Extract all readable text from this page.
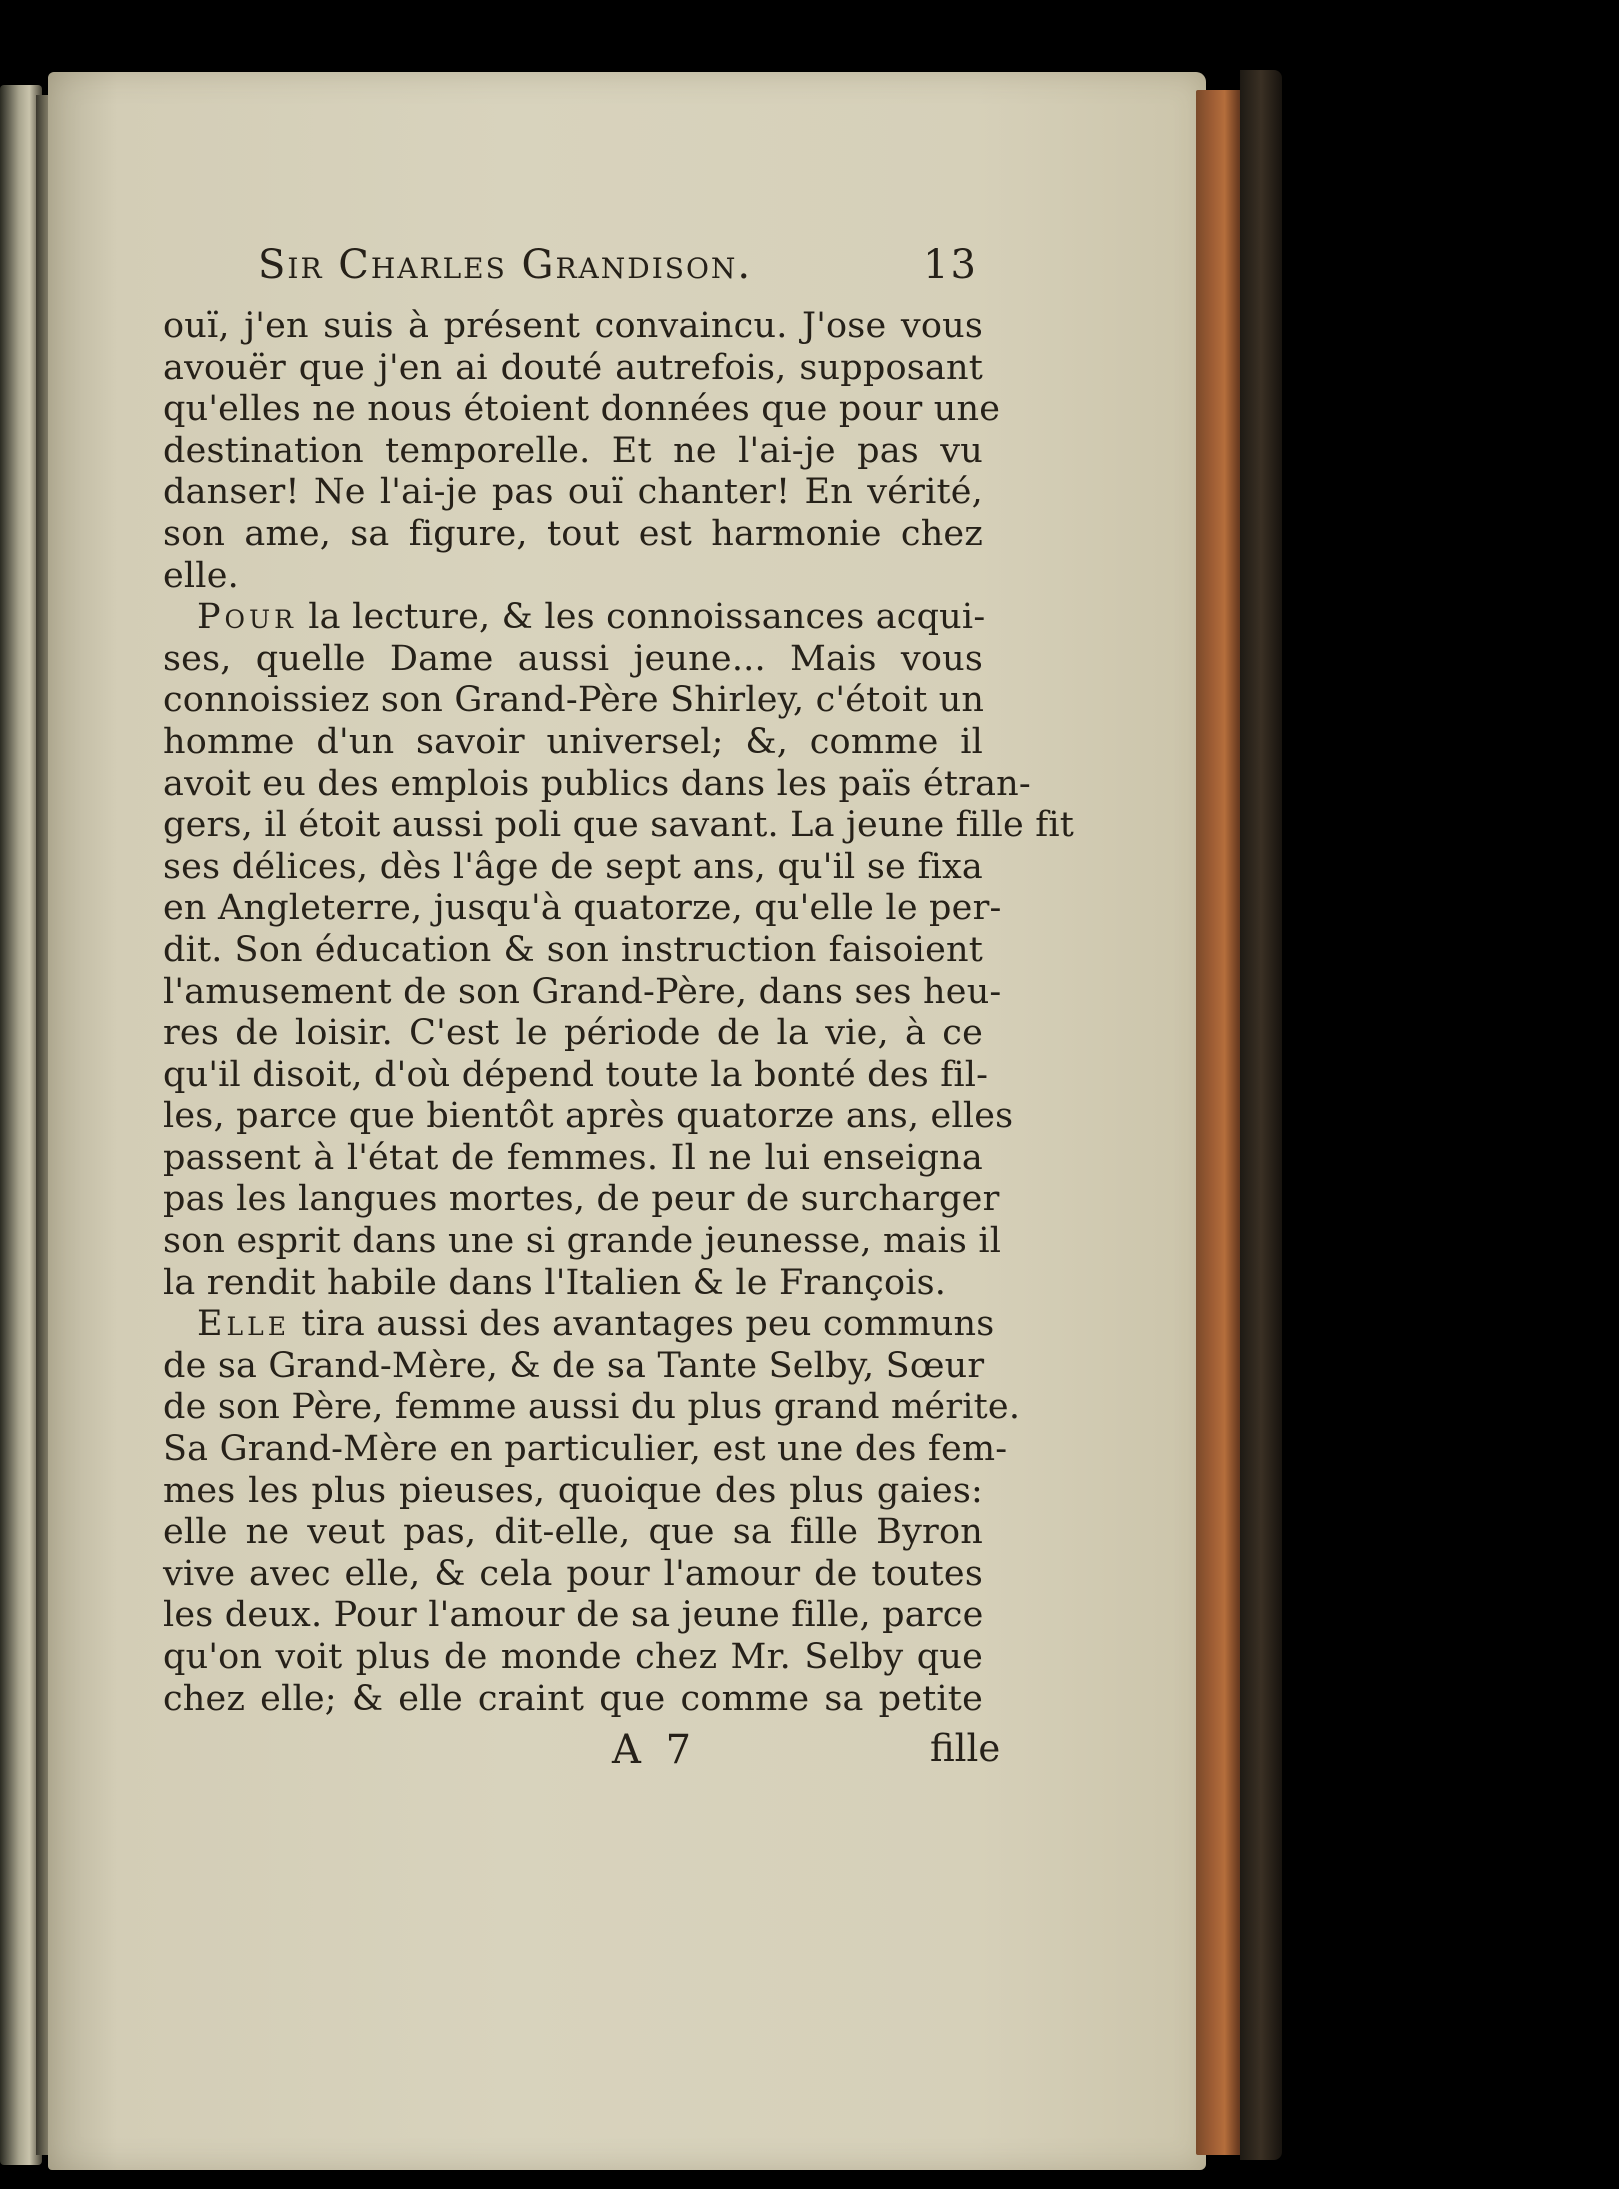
Sir Charles Grandison.	13
ouï, j'en suis à présent convaincu. J'ose vous
avouër que j'en ai douté autrefois, supposant
qu'elles ne nous étoient données que pour une
destination temporelle. Et ne l'ai-je pas vu
danser! Ne l'ai-je pas ouï chanter! En vérité,
son ame, sa figure, tout est harmonie chez
elle.
Pour la lecture, & les connoissances acqui-
ses, quelle Dame aussi jeune... Mais vous
connoissiez son Grand-Père Shirley, c'étoit un
homme d'un savoir universel; &, comme il
avoit eu des emplois publics dans les païs étran-
gers, il étoit aussi poli que savant. La jeune fille fit
ses délices, dès l'âge de sept ans, qu'il se fixa
en Angleterre, jusqu'à quatorze, qu'elle le per-
dit. Son éducation & son instruction faisoient
l'amusement de son Grand-Père, dans ses heu-
res de loisir. C'est le période de la vie, à ce
qu'il disoit, d'où dépend toute la bonté des fil-
les, parce que bientôt après quatorze ans, elles
passent à l'état de femmes. Il ne lui enseigna
pas les langues mortes, de peur de surcharger
son esprit dans une si grande jeunesse, mais il
la rendit habile dans l'Italien & le François.
Elle tira aussi des avantages peu communs
de sa Grand-Mère, & de sa Tante Selby, Sœur
de son Père, femme aussi du plus grand mérite.
Sa Grand-Mère en particulier, est une des fem-
mes les plus pieuses, quoique des plus gaies:
elle ne veut pas, dit-elle, que sa fille Byron
vive avec elle, & cela pour l'amour de toutes
les deux. Pour l'amour de sa jeune fille, parce
qu'on voit plus de monde chez Mr. Selby que
chez elle; & elle craint que comme sa petite
A 7	fille
